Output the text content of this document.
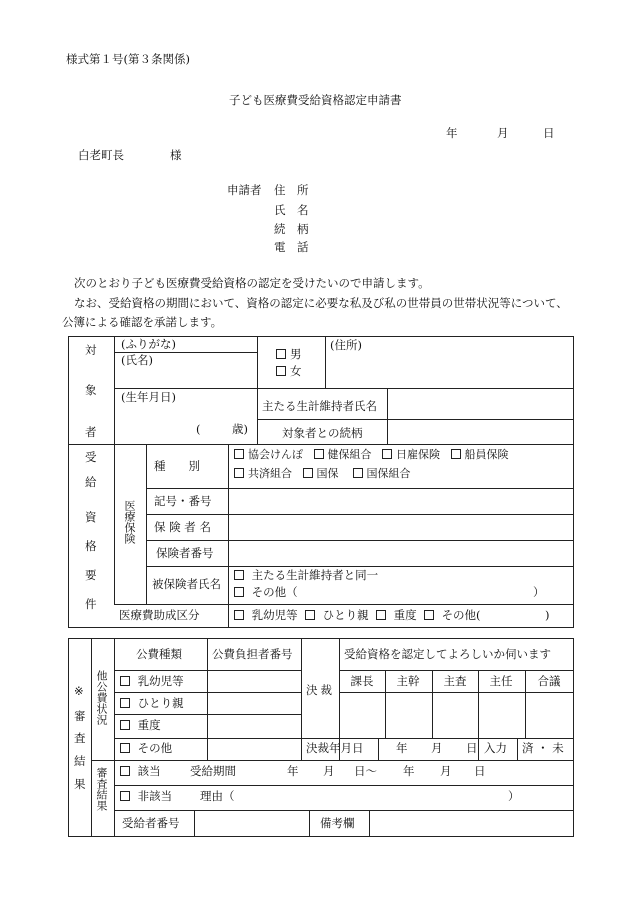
様式第１号(第３条関係)
子ども医療費受給資格認定申請書
年	月	日
白老町長	様
申請者 住　所
氏　名
続　柄
電　話
次のとおり子ども医療費受給資格の認定を受けたいので申請します。
なお、受給資格の期間において、資格の認定に必要な私及び私の世帯員の世帯状況等について、
公簿による確認を承諾します。
対
象
者
(ふりがな)
(氏名)	男
女
(住所)
(生年月日)
(	歳)
主たる生計維持者氏名
対象者との続柄
受
給
資
格
要
件
医療保険
種　　別
協会けんぽ 健保組合 日雇保険 船員保険
共済組合 国保	国保組合
記号・番号
保 険 者 名
保険者番号
被保険者氏名
主たる生計維持者と同一
その他（	）
医療費助成区分	乳幼児等 ひとり親 重度 その他(	)
※
審
査
結
果
他公費状況
審査結果
公費種類	公費負担者番号
乳幼児等
ひとり親
重度
その他
決裁
受給資格を認定してよろしいか伺います
課長 主幹 主査 主任 合議
決裁年月日	年 月 日 入力 済 ・ 未
該当	受給期間	年 月 日〜 年 月 日
非該当 理由（	）
受給者番号	備考欄
